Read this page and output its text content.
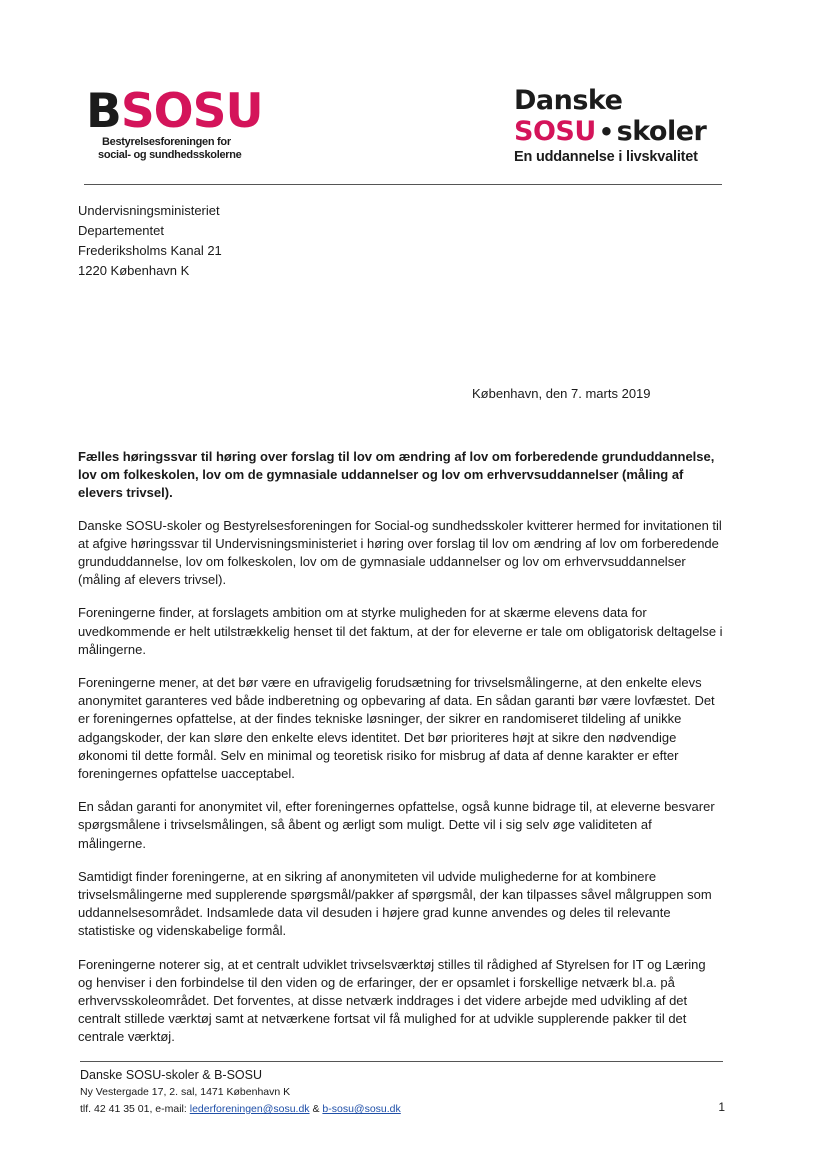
B SOSU
Bestyrelsesforeningen for
social- og sundhedsskolerne
Danske
SOSU • skoler
En uddannelse i livskvalitet
Undervisningsministeriet
Departementet
Frederiksholms Kanal 21
1220 København K
København, den 7. marts 2019
Fælles høringssvar til høring over forslag til lov om ændring af lov om forberedende grunduddannelse, lov om folkeskolen, lov om de gymnasiale uddannelser og lov om erhvervsuddannelser (måling af elevers trivsel).

Danske SOSU-skoler og Bestyrelsesforeningen for Social-og sundhedsskoler kvitterer hermed for invitationen til at afgive høringssvar til Undervisningsministeriet i høring over forslag til lov om ændring af lov om forberedende grunduddannelse, lov om folkeskolen, lov om de gymnasiale uddannelser og lov om erhvervsuddannelser (måling af elevers trivsel).

Foreningerne finder, at forslagets ambition om at styrke muligheden for at skærme elevens data for uvedkommende er helt utilstrækkelig henset til det faktum, at der for eleverne er tale om obligatorisk deltagelse i målingerne.

Foreningerne mener, at det bør være en ufravigelig forudsætning for trivselsmålingerne, at den enkelte elevs anonymitet garanteres ved både indberetning og opbevaring af data. En sådan garanti bør være lovfæstet. Det er foreningernes opfattelse, at der findes tekniske løsninger, der sikrer en randomiseret tildeling af unikke adgangskoder, der kan sløre den enkelte elevs identitet. Det bør prioriteres højt at sikre den nødvendige økonomi til dette formål. Selv en minimal og teoretisk risiko for misbrug af data af denne karakter er efter foreningernes opfattelse uacceptabel.

En sådan garanti for anonymitet vil, efter foreningernes opfattelse, også kunne bidrage til, at eleverne besvarer spørgsmålene i trivselsmålingen, så åbent og ærligt som muligt. Dette vil i sig selv øge validiteten af målingerne.

Samtidigt finder foreningerne, at en sikring af anonymiteten vil udvide mulighederne for at kombinere trivselsmålingerne med supplerende spørgsmål/pakker af spørgsmål, der kan tilpasses såvel målgruppen som uddannelsesområdet. Indsamlede data vil desuden i højere grad kunne anvendes og deles til relevante statistiske og videnskabelige formål.

Foreningerne noterer sig, at et centralt udviklet trivselsværktøj stilles til rådighed af Styrelsen for IT og Læring og henviser i den forbindelse til den viden og de erfaringer, der er opsamlet i forskellige netværk bl.a. på erhvervsskoleområdet. Det forventes, at disse netværk inddrages i det videre arbejde med udvikling af det centralt stillede værktøj samt at netværkene fortsat vil få mulighed for at udvikle supplerende pakker til det centrale værktøj.

Danske SOSU-skoler & B-SOSU
Ny Vestergade 17, 2. sal, 1471 København K
tlf. 42 41 35 01, e-mail: lederforeningen@sosu.dk & b-sosu@sosu.dk	1
